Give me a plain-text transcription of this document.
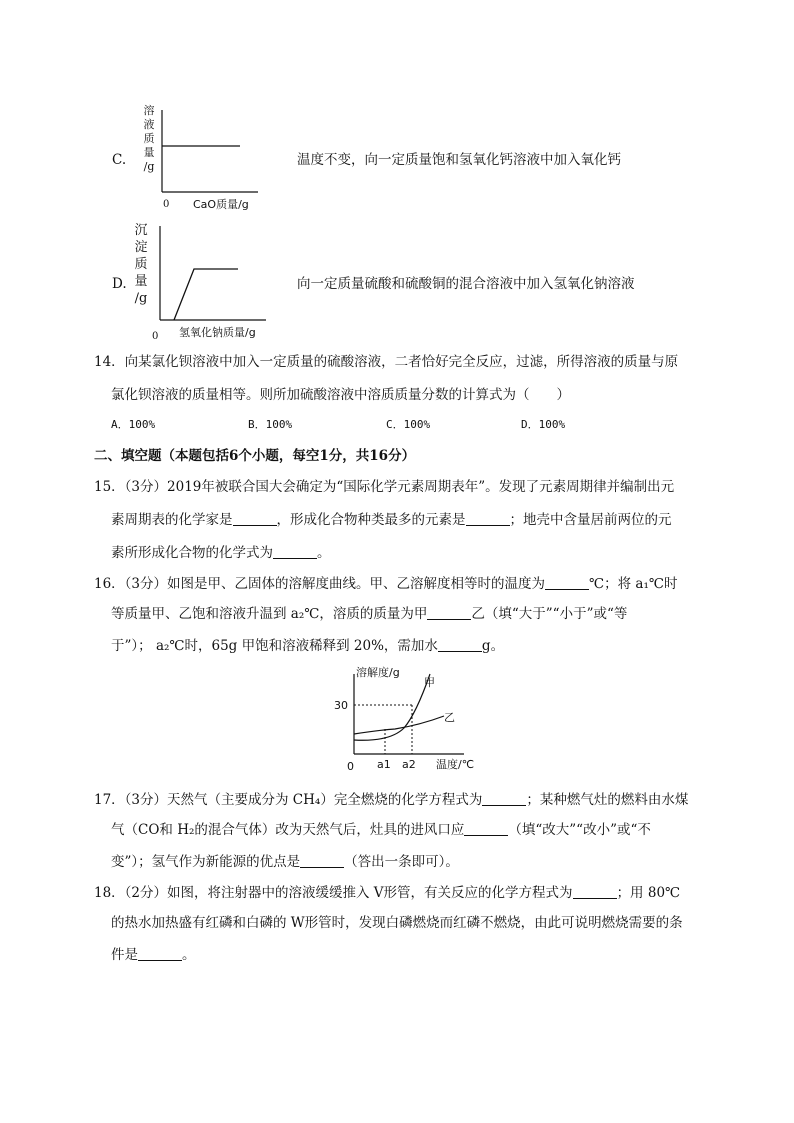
C.
溶
液
质
量
/g
0 CaO质量/g
温度不变，向一定质量饱和氢氧化钙溶液中加入氧化钙
D.
沉
淀
质
量
/g
0 氢氧化钠质量/g
向一定质量硫酸和硫酸铜的混合溶液中加入氢氧化钠溶液
14．向某氯化钡溶液中加入一定质量的硫酸溶液，二者恰好完全反应，过滤，所得溶液的质量与原
氯化钡溶液的质量相等。则所加硫酸溶液中溶质质量分数的计算式为（　　）
A．100%	B．100%	C．100%	D．100%
二、填空题（本题包括6个小题，每空1分，共16分）
15．（3分）2019年被联合国大会确定为“国际化学元素周期表年”。发现了元素周期律并编制出元
素周期表的化学家是	，形成化合物种类最多的元素是	；地壳中含量居前两位的元
素所形成化合物的化学式为	。
16．（3分）如图是甲、乙固体的溶解度曲线。甲、乙溶解度相等时的温度为	℃；将 a₁℃时
等质量甲、乙饱和溶液升温到 a₂℃，溶质的质量为甲	乙（填“大于”“小于”或“等
于”）； a₂℃时，65g 甲饱和溶液稀释到 20%，需加水	g。
溶解度/g
甲
乙
30
0 a1 a2 温度/℃
17．（3分）天然气（主要成分为 CH₄）完全燃烧的化学方程式为	；某种燃气灶的燃料由水煤
气（CO和 H₂的混合气体）改为天然气后，灶具的进风口应	（填“改大”“改小”或“不
变”）；氢气作为新能源的优点是	（答出一条即可）。
18．（2分）如图，将注射器中的溶液缓缓推入 V形管，有关反应的化学方程式为	；用 80℃
的热水加热盛有红磷和白磷的 W形管时，发现白磷燃烧而红磷不燃烧，由此可说明燃烧需要的条
件是	。
